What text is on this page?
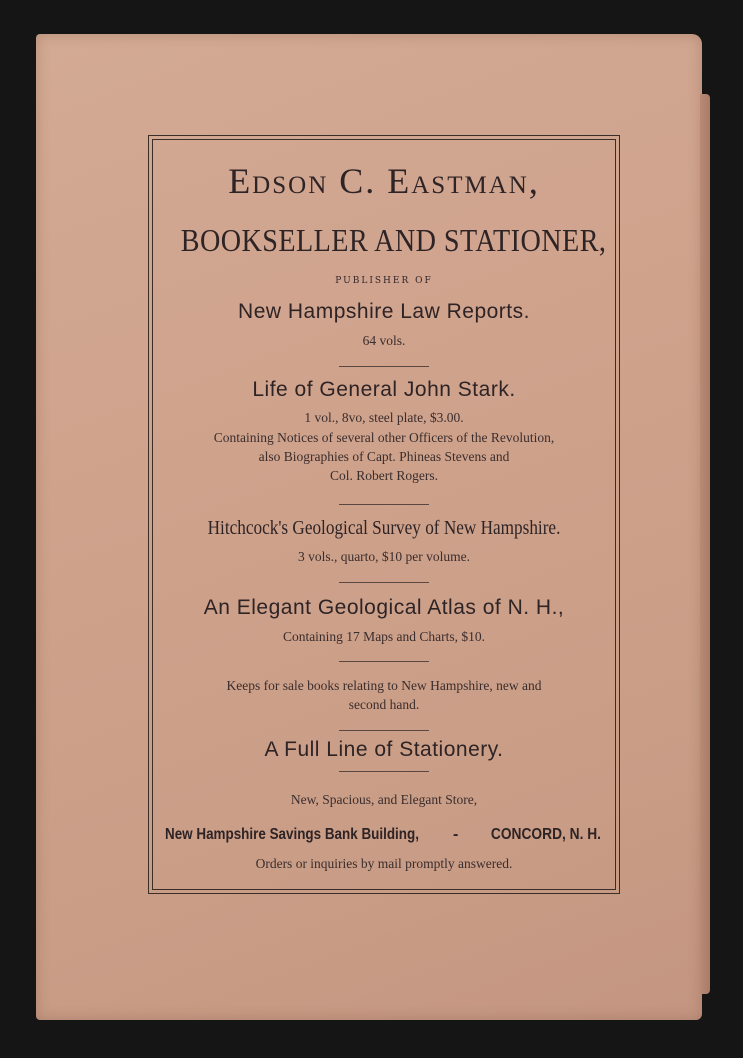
Edson C. Eastman,
BOOKSELLER AND STATIONER,
PUBLISHER OF
New Hampshire Law Reports.
64 vols.
Life of General John Stark.
1 vol., 8vo, steel plate, $3.00.
Containing Notices of several other Officers of the Revolution,
also Biographies of Capt. Phineas Stevens and
Col. Robert Rogers.
Hitchcock's Geological Survey of New Hampshire.
3 vols., quarto, $10 per volume.
An Elegant Geological Atlas of N. H.,
Containing 17 Maps and Charts, $10.
Keeps for sale books relating to New Hampshire, new and
second hand.
A Full Line of Stationery.
New, Spacious, and Elegant Store,
New Hampshire Savings Bank Building, - CONCORD, N. H.
Orders or inquiries by mail promptly answered.
